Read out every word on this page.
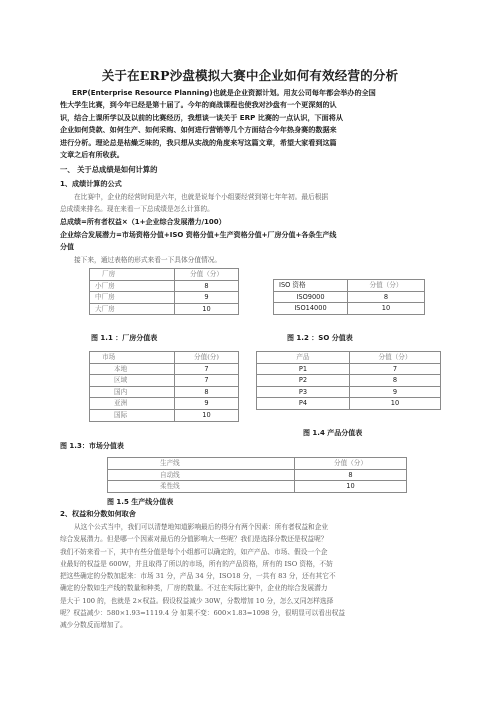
关于在ERP沙盘模拟大赛中企业如何有效经营的分析
ERP(Enterprise Resource Planning)也就是企业资源计划。用友公司每年都会举办的全国
性大学生比赛，到今年已经是第十届了。今年的商战课程也使我对沙盘有一个更深刻的认
识，结合上课所学以及以前的比赛经历，我想谈一谈关于 ERP 比赛的一点认识，下面将从
企业如何贷款、如何生产、如何采购、如何进行营销等几个方面结合今年热身赛的数据来
进行分析。理论总是枯燥乏味的，我只想从实战的角度来写这篇文章，希望大家看到这篇
文章之后有所收获。
一、 关于总成绩是如何计算的
1、成绩计算的公式
在比赛中，企业的经营时间是六年，也就是说每个小组要经营到第七年年初。最后根据
总成绩来排名。现在来看一下总成绩是怎么计算的。
总成绩=所有者权益×（1+企业综合发展潜力/100）
企业综合发展潜力=市场资格分值+ISO 资格分值+生产资格分值+厂房分值+各条生产线
分值
接下来，通过表格的形式来看一下具体分值情况。
厂房	分值（分）
小厂房	8
中厂房	9
大厂房	10
ISO 资格	分值（分）
ISO9000	8
ISO14000	10
图 1.1 ：厂房分值表	图 1.2 ：SO 分值表
市场	分值(分)
本地	7
区域	7
国内	8
亚洲	9
国际	10
产品	分值（分）
P1	7
P2	8
P3	9
P4	10
图 1.4 产品分值表
图 1.3：市场分值表
生产线	分值（分）
自动线	8
柔性线	10
图 1.5 生产线分值表
2、权益和分数如何取舍
从这个公式当中，我们可以清楚地知道影响最后的得分有两个因素：所有者权益和企业
综合发展潜力。但是哪一个因素对最后的分值影响大一些呢？我们是选择分数还是权益呢？
我们不妨来看一下，其中有些分值是每个小组都可以确定的，如产产品、市场、假设一个企
业最好的权益是 600W，并且取得了所以的市场，所有的产品资格，所有的 ISO 资格，不妨
把这些确定的分数加起来：市场 31 分，产品 34 分，ISO18 分，一共有 83 分，还有其它不
确定的分数如生产线的数量和种类，厂房的数量。不过在实际比赛中，企业的综合发展潜力
是大于 100 的，也就是 2×权益。假设权益减少 30W，分数增加 10 分，怎么又同怎样选择
呢？权益减少：580×1.93=1119.4 分 如果不变：600×1.83=1098 分，很明显可以看出权益
减少分数反而增加了。
